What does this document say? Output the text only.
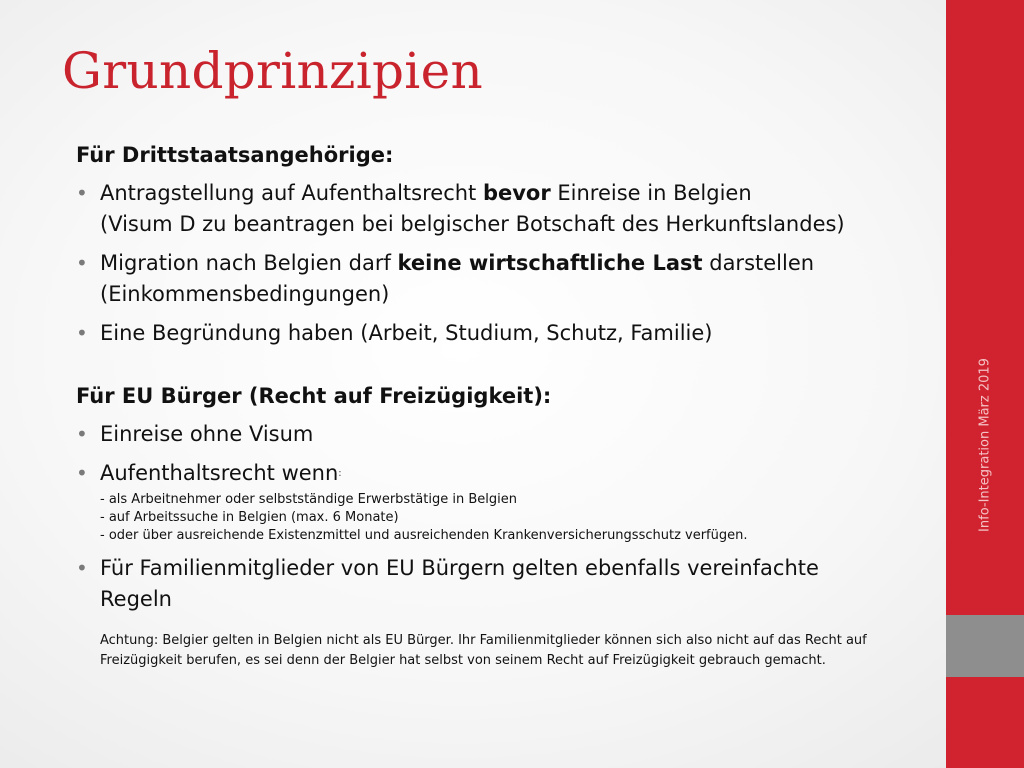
Grundprinzipien
Für Drittstaatsangehörige:
• Antragstellung auf Aufenthaltsrecht bevor Einreise in Belgien
(Visum D zu beantragen bei belgischer Botschaft des Herkunftslandes)
• Migration nach Belgien darf keine wirtschaftliche Last darstellen
(Einkommensbedingungen)
• Eine Begründung haben (Arbeit, Studium, Schutz, Familie)
Für EU Bürger (Recht auf Freizügigkeit):
• Einreise ohne Visum
• Aufenthaltsrecht wenn:
- als Arbeitnehmer oder selbstständige Erwerbstätige in Belgien
- auf Arbeitssuche in Belgien (max. 6 Monate)
- oder über ausreichende Existenzmittel und ausreichenden Krankenversicherungsschutz verfügen.
• Für Familienmitglieder von EU Bürgern gelten ebenfalls vereinfachte
Regeln
Achtung: Belgier gelten in Belgien nicht als EU Bürger. Ihr Familienmitglieder können sich also nicht auf das Recht auf
Freizügigkeit berufen, es sei denn der Belgier hat selbst von seinem Recht auf Freizügigkeit gebrauch gemacht.
Info-Integration März 2019
